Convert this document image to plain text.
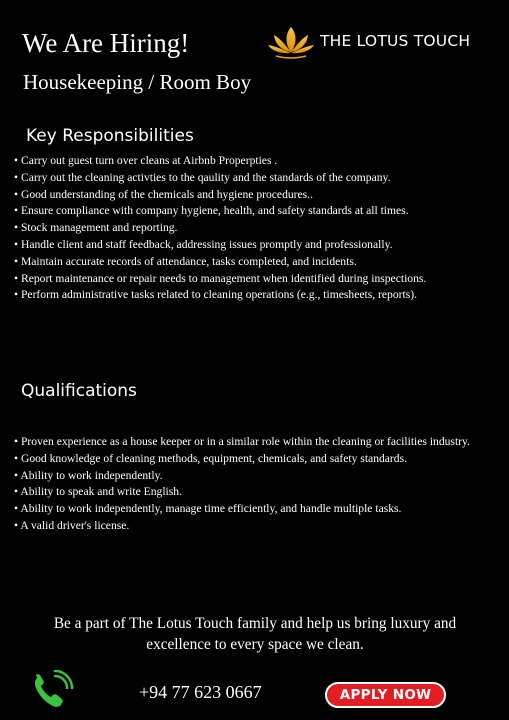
We Are Hiring!
Housekeeping / Room Boy
THE LOTUS TOUCH
Key Responsibilities
• Carry out guest turn over cleans at Airbnb Properpties .
• Carry out the cleaning activties to the qaulity and the standards of the company.
• Good understanding of the chemicals and hygiene procedures..
• Ensure compliance with company hygiene, health, and safety standards at all times.
• Stock management and reporting.
• Handle client and staff feedback, addressing issues promptly and professionally.
• Maintain accurate records of attendance, tasks completed, and incidents.
• Report maintenance or repair needs to management when identified during inspections.
• Perform administrative tasks related to cleaning operations (e.g., timesheets, reports).
Qualifications
• Proven experience as a house keeper or in a similar role within the cleaning or facilities industry.
• Good knowledge of cleaning methods, equipment, chemicals, and safety standards.
• Ability to work independently.
• Ability to speak and write English.
• Ability to work independently, manage time efficiently, and handle multiple tasks.
• A valid driver's license.
Be a part of The Lotus Touch family and help us bring luxury and
excellence to every space we clean.
+94 77 623 0667	APPLY NOW
